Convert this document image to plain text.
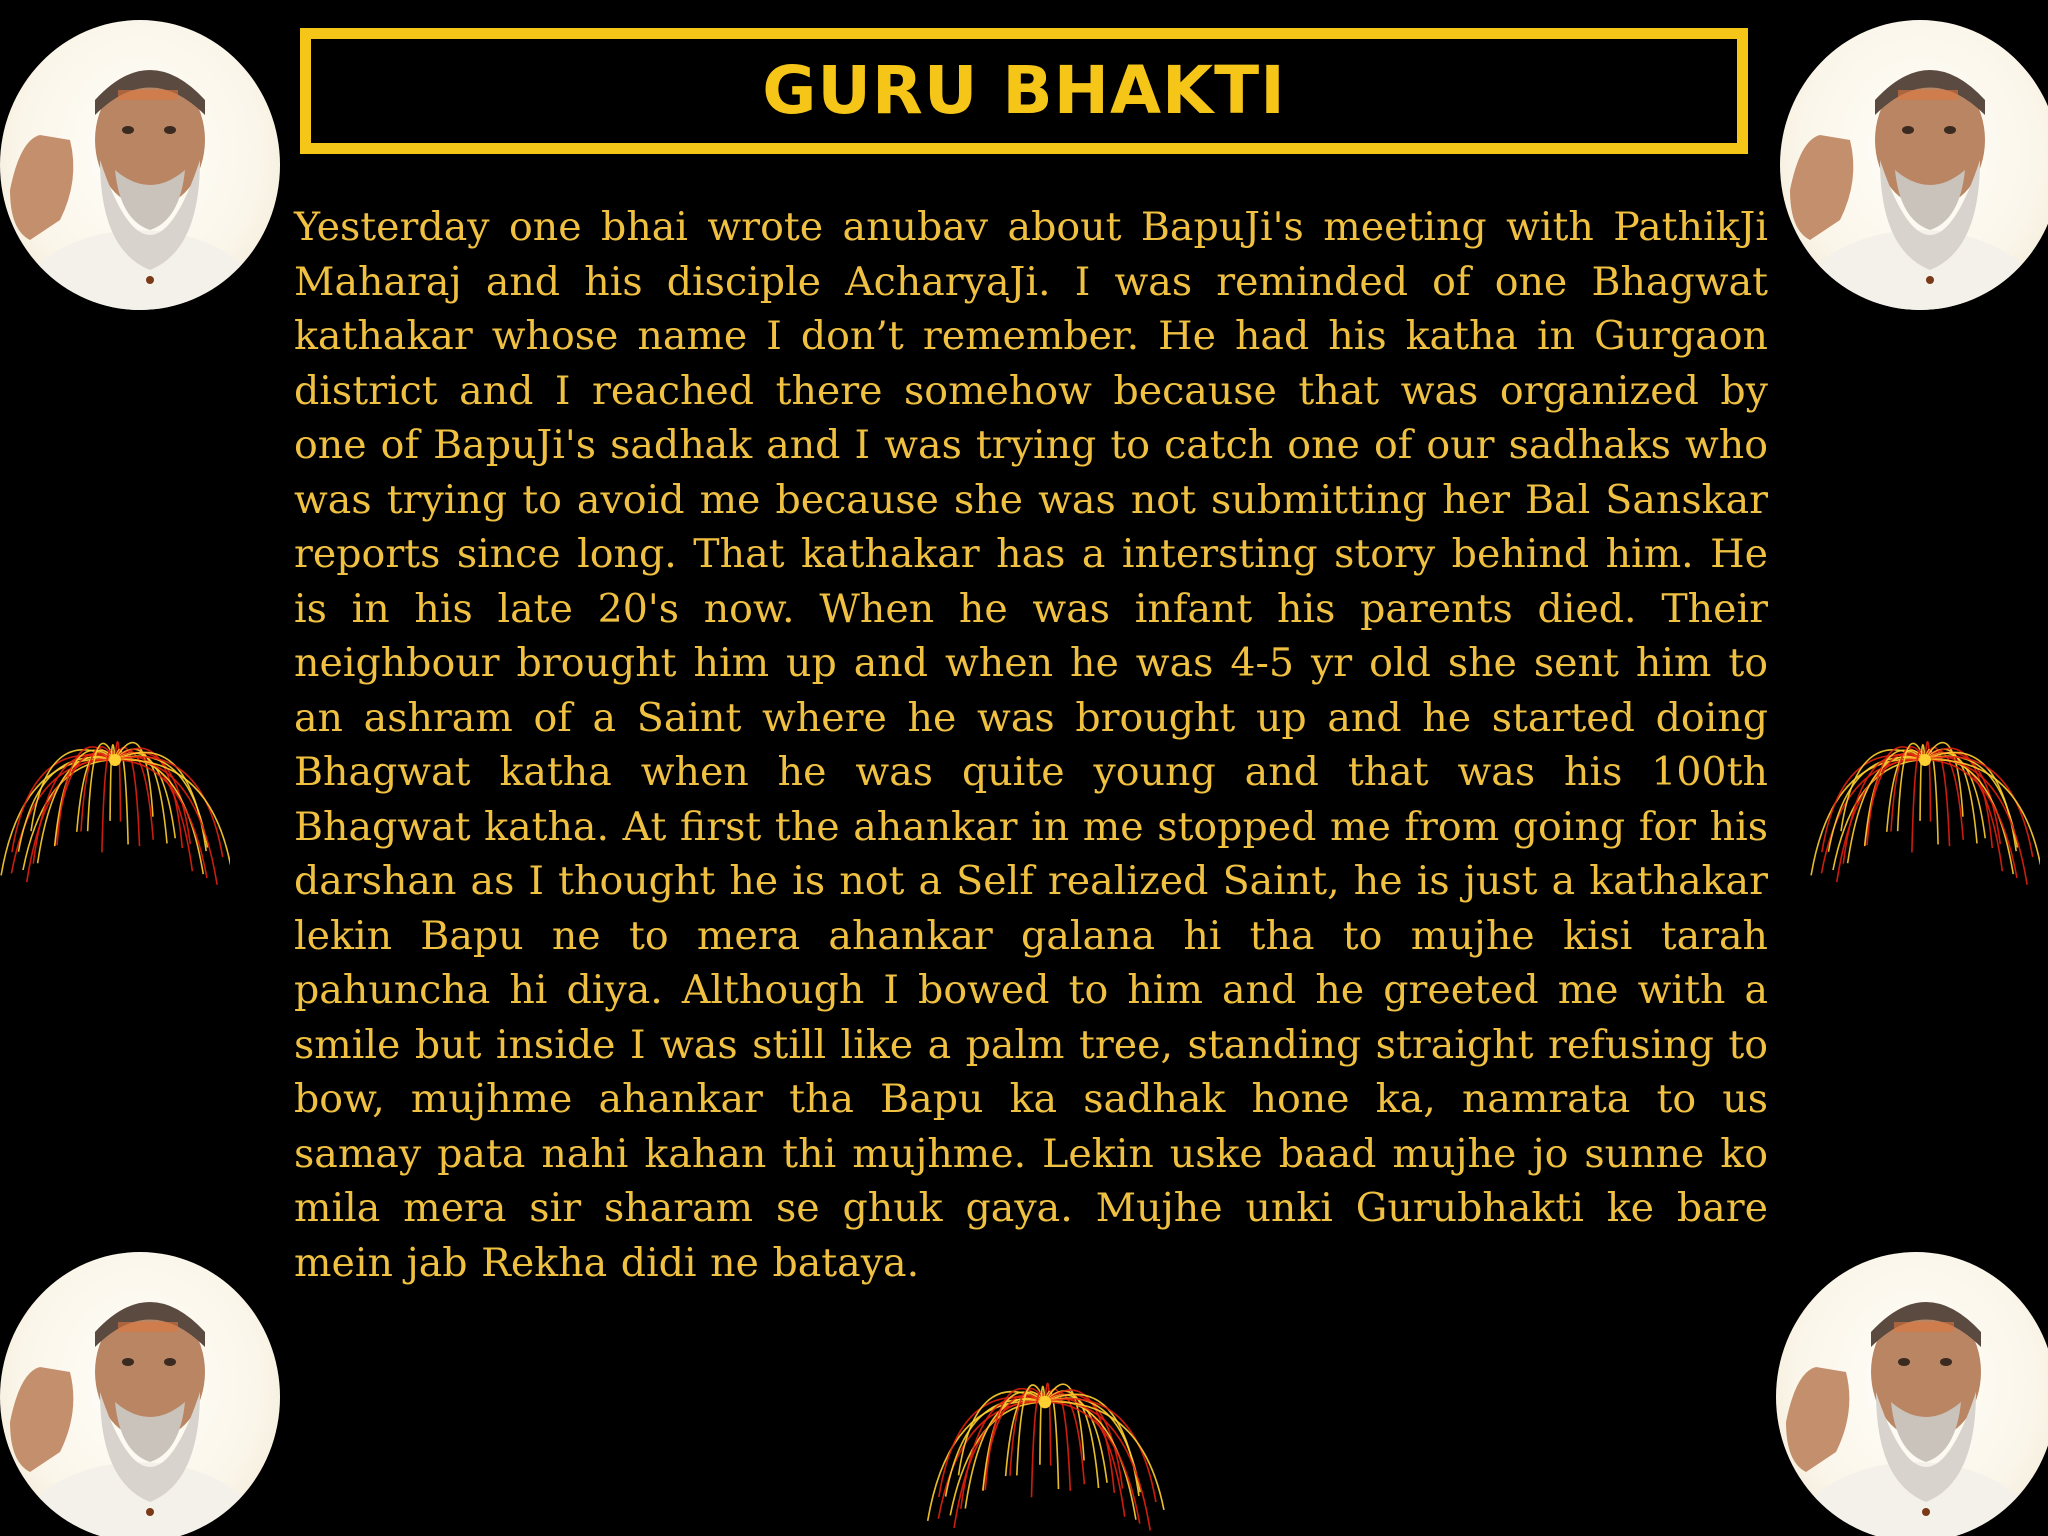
GURU BHAKTI

Yesterday one bhai wrote anubav about BapuJi's meeting with PathikJi Maharaj and his disciple AcharyaJi. I was reminded of one Bhagwat kathakar whose name I don’t remember. He had his katha in Gurgaon district and I reached there somehow because that was organized by one of BapuJi's sadhak and I was trying to catch one of our sadhaks who was trying to avoid me because she was not submitting her Bal Sanskar reports since long. That kathakar has a intersting story behind him. He is in his late 20's now. When he was infant his parents died. Their neighbour brought him up and when he was 4-5 yr old she sent him to an ashram of a Saint where he was brought up and he started doing Bhagwat katha when he was quite young and that was his 100th Bhagwat katha. At first the ahankar in me stopped me from going for his darshan as I thought he is not a Self realized Saint, he is just a kathakar lekin Bapu ne to mera ahankar galana hi tha to mujhe kisi tarah pahuncha hi diya. Although I bowed to him and he greeted me with a smile but inside I was still like a palm tree, standing straight refusing to bow, mujhme ahankar tha Bapu ka sadhak hone ka, namrata to us samay pata nahi kahan thi mujhme. Lekin uske baad mujhe jo sunne ko mila mera sir sharam se ghuk gaya. Mujhe unki Gurubhakti ke bare mein jab Rekha didi ne bataya.
